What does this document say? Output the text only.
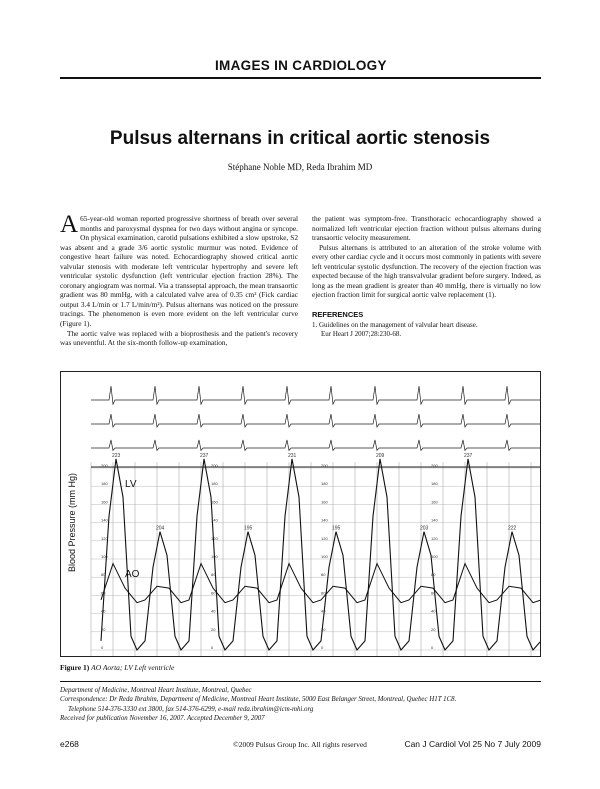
IMAGES IN CARDIOLOGY
Pulsus alternans in critical aortic stenosis
Stéphane Noble MD, Reda Ibrahim MD

A 65-year-old woman reported progressive shortness of breath over several months and paroxysmal dyspnea for two days without angina or syncope. On physical examination, carotid pulsations exhibited a slow upstroke, S2 was absent and a grade 3/6 aortic systolic murmur was noted. Evidence of congestive heart failure was noted. Echocardiography showed critical aortic valvular stenosis with moderate left ventricular hypertrophy and severe left ventricular systolic dysfunction (left ventricular ejection fraction 28%). The coronary angiogram was normal. Via a transseptal approach, the mean transaortic gradient was 80 mmHg, with a calculated valve area of 0.35 cm² (Fick cardiac output 3.4 L/min or 1.7 L/min/m²). Pulsus alternans was noticed on the pressure tracings. The phenomenon is even more evident on the left ventricular curve (Figure 1).

The aortic valve was replaced with a bioprosthesis and the patient's recovery was uneventful. At the six-month follow-up examination,

the patient was symptom-free. Transthoracic echocardiography showed a normalized left ventricular ejection fraction without pulsus alternans during transaortic velocity measurement.

Pulsus alternans is attributed to an alteration of the stroke volume with every other cardiac cycle and it occurs most commonly in patients with severe left ventricular systolic dysfunction. The recovery of the ejection fraction was expected because of the high transvalvular gradient before surgery. Indeed, as long as the mean gradient is greater than 40 mmHg, there is virtually no low ejection fraction limit for surgical aortic valve replacement (1).

REFERENCES
1. Guidelines on the management of valvular heart disease.
Eur Heart J 2007;28:230-68.
200	200	200	200
180	180	180	180
160	160	160	160
140	140	140	140
120	120	120	120
100	100	100	100
80	80	80	80
60	60	60	60
40	40	40	40
20	20	20	20
0	0	0	0
223
204
237
195
231
195
209
203
237
222
Blood Pressure (mm Hg)	LV
AO
Figure 1) AO Aorta; LV Left ventricle
Department of Medicine, Montreal Heart Institute, Montreal, Quebec
Correspondence: Dr Reda Ibrahim, Department of Medicine, Montreal Heart Institute, 5000 East Belanger Street, Montreal, Quebec H1T 1C8.
Telephone 514-376-3330 ext 3800, fax 514-376-6299, e-mail reda.ibrahim@icm-mhi.org
Received for publication November 16, 2007. Accepted December 9, 2007
e268	©2009 Pulsus Group Inc. All rights reserved	Can J Cardiol Vol 25 No 7 July 2009
